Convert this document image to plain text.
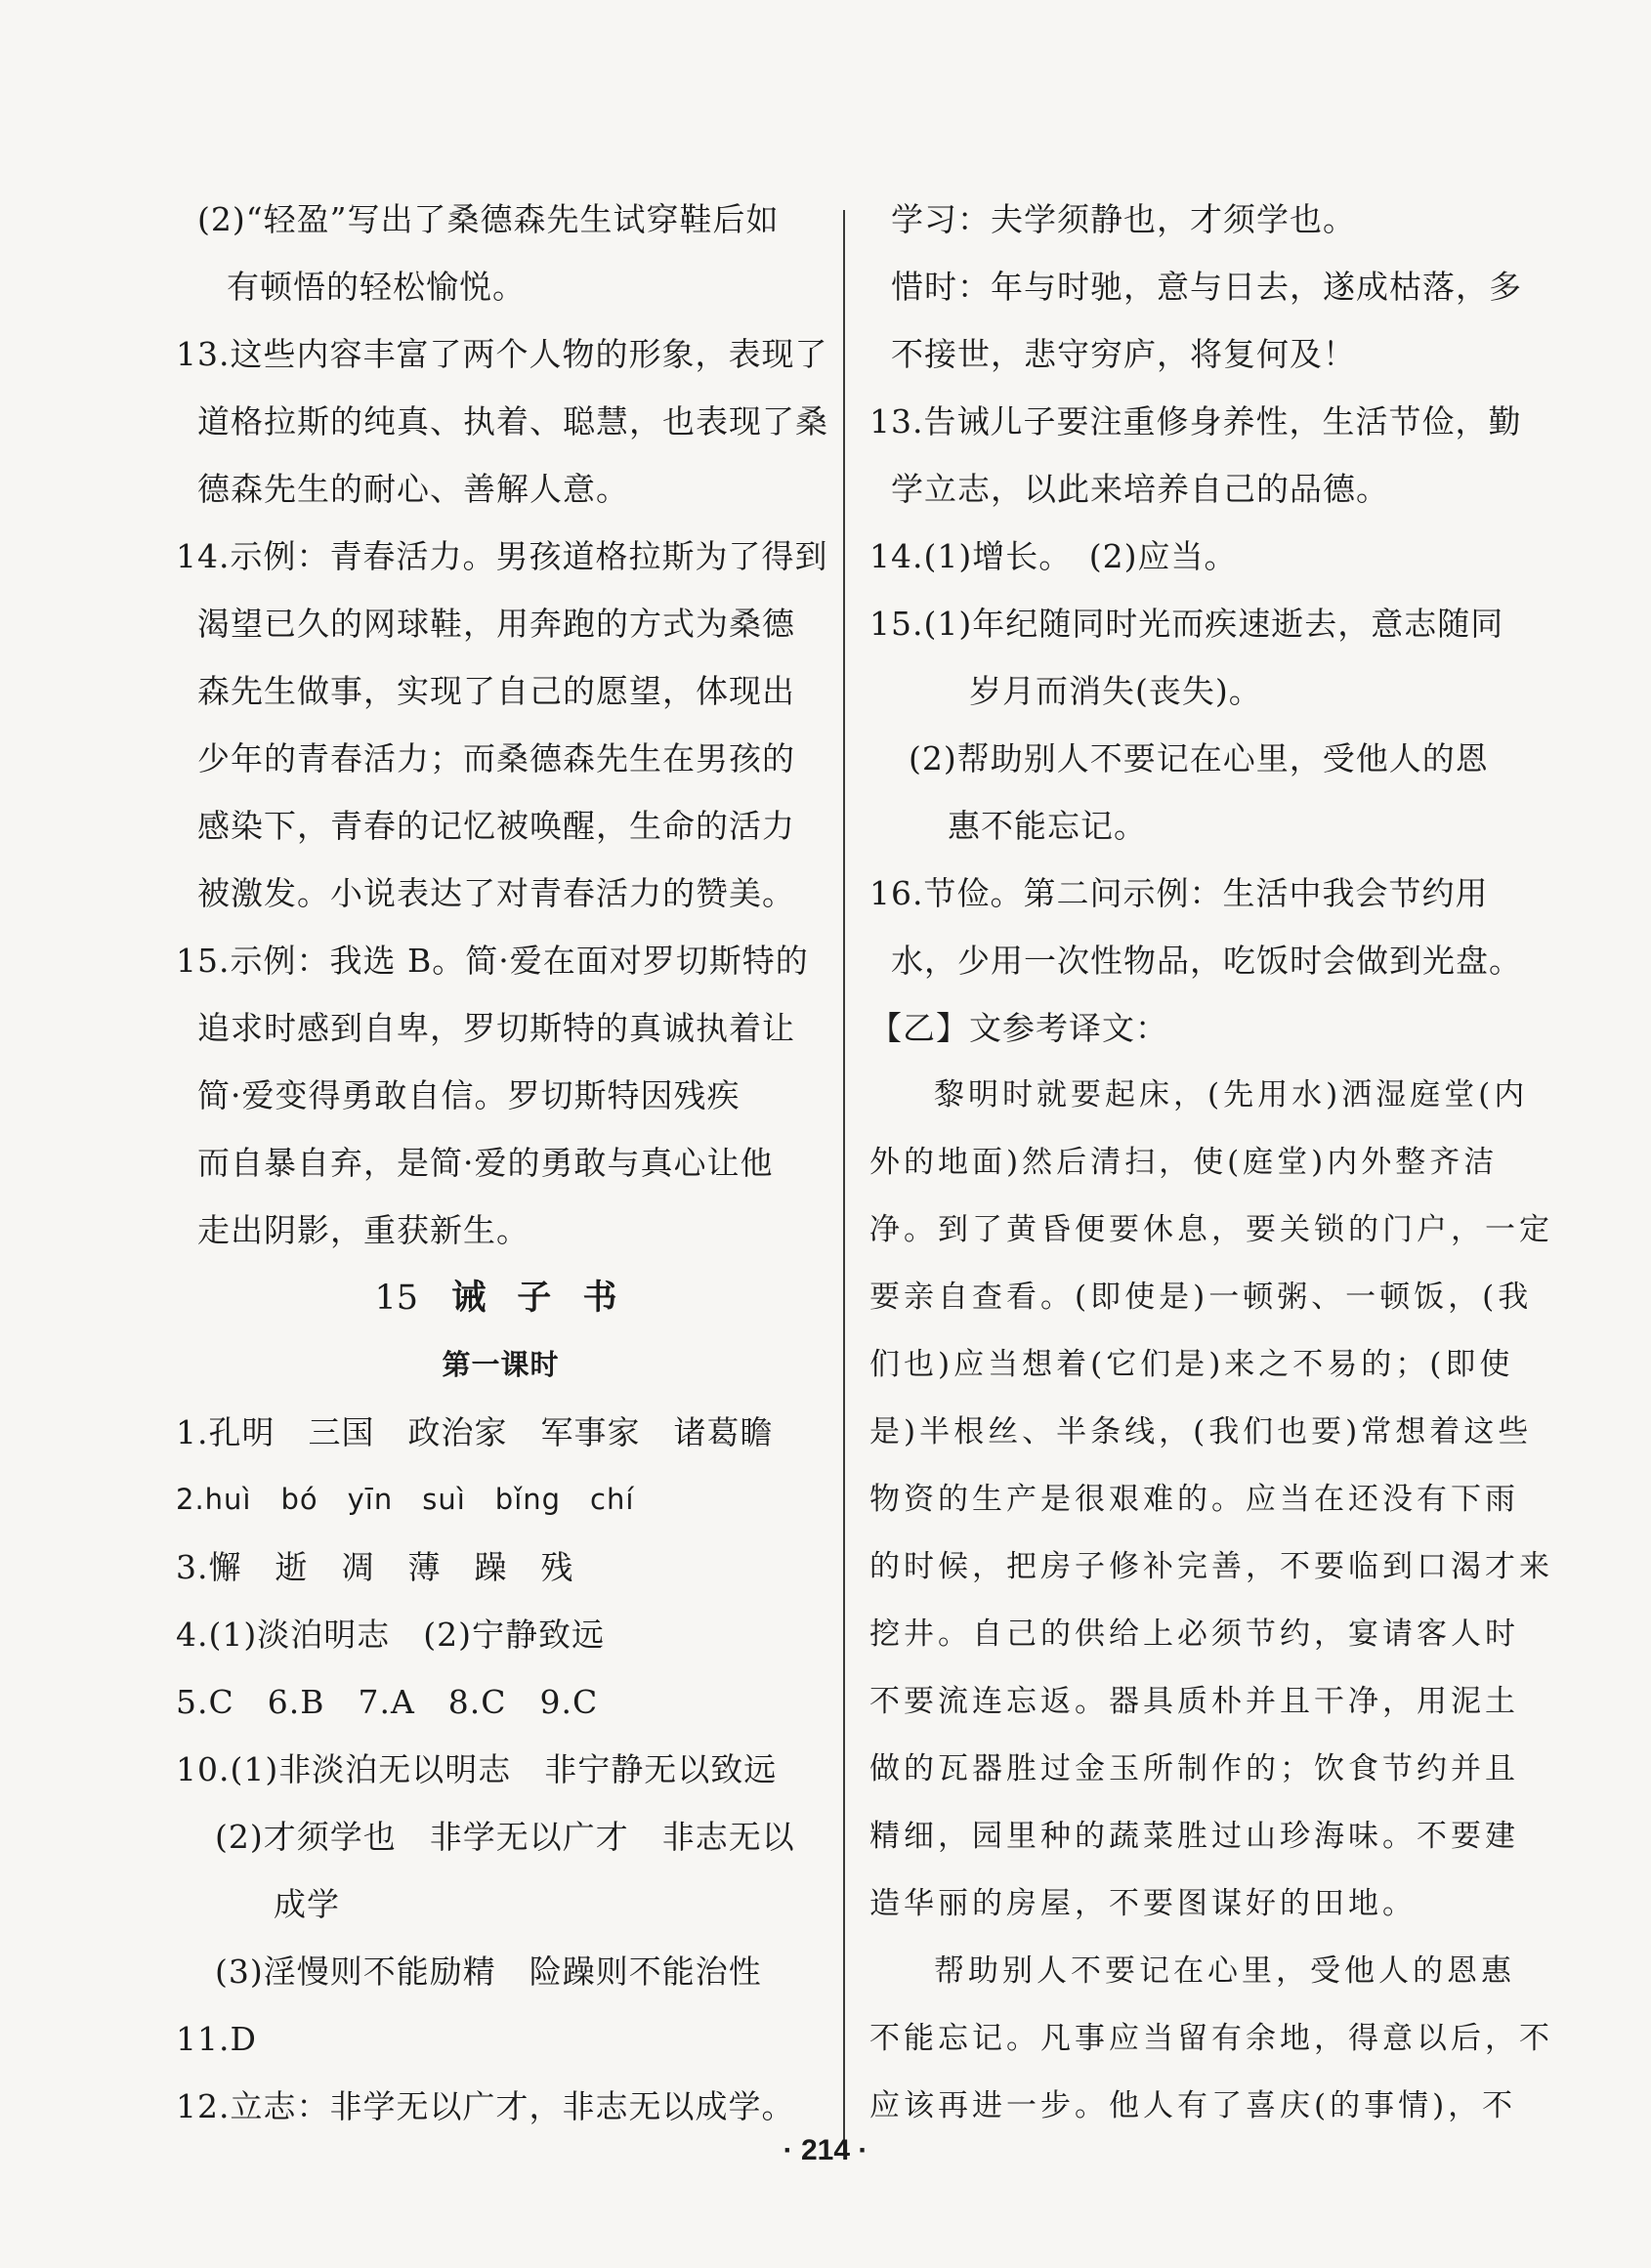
(2)“轻盈”写出了桑德森先生试穿鞋后如
有顿悟的轻松愉悦。
13.这些内容丰富了两个人物的形象，表现了
道格拉斯的纯真、执着、聪慧，也表现了桑
德森先生的耐心、善解人意。
14.示例：青春活力。男孩道格拉斯为了得到
渴望已久的网球鞋，用奔跑的方式为桑德
森先生做事，实现了自己的愿望，体现出
少年的青春活力；而桑德森先生在男孩的
感染下，青春的记忆被唤醒，生命的活力
被激发。小说表达了对青春活力的赞美。
15.示例：我选 B。简·爱在面对罗切斯特的
追求时感到自卑，罗切斯特的真诚执着让
简·爱变得勇敢自信。罗切斯特因残疾
而自暴自弃，是简·爱的勇敢与真心让他
走出阴影，重获新生。
15 诫 子 书
第一课时
1.孔明　三国　政治家　军事家　诸葛瞻
2.huì　bó　yīn　suì　bǐng　chí
3.懈　逝　凋　薄　躁　残
4.(1)淡泊明志　(2)宁静致远
5.C　6.B　7.A　8.C　9.C
10.(1)非淡泊无以明志　非宁静无以致远
(2)才须学也　非学无以广才　非志无以
成学
(3)淫慢则不能励精　险躁则不能治性
11.D
12.立志：非学无以广才，非志无以成学。
学习：夫学须静也，才须学也。
惜时：年与时驰，意与日去，遂成枯落，多
不接世，悲守穷庐，将复何及！
13.告诫儿子要注重修身养性，生活节俭，勤
学立志，以此来培养自己的品德。
14.(1)增长。　(2)应当。
15.(1)年纪随同时光而疾速逝去，意志随同
岁月而消失(丧失)。
(2)帮助别人不要记在心里，受他人的恩
惠不能忘记。
16.节俭。第二问示例：生活中我会节约用
水，少用一次性物品，吃饭时会做到光盘。
【乙】文参考译文：
黎明时就要起床，(先用水)洒湿庭堂(内
外的地面)然后清扫，使(庭堂)内外整齐洁
净。到了黄昏便要休息，要关锁的门户，一定
要亲自查看。(即使是)一顿粥、一顿饭，(我
们也)应当想着(它们是)来之不易的；(即使
是)半根丝、半条线，(我们也要)常想着这些
物资的生产是很艰难的。应当在还没有下雨
的时候，把房子修补完善，不要临到口渴才来
挖井。自己的供给上必须节约，宴请客人时
不要流连忘返。器具质朴并且干净，用泥土
做的瓦器胜过金玉所制作的；饮食节约并且
精细，园里种的蔬菜胜过山珍海味。不要建
造华丽的房屋，不要图谋好的田地。
帮助别人不要记在心里，受他人的恩惠
不能忘记。凡事应当留有余地，得意以后，不
应该再进一步。他人有了喜庆(的事情)，不
· 214 ·
